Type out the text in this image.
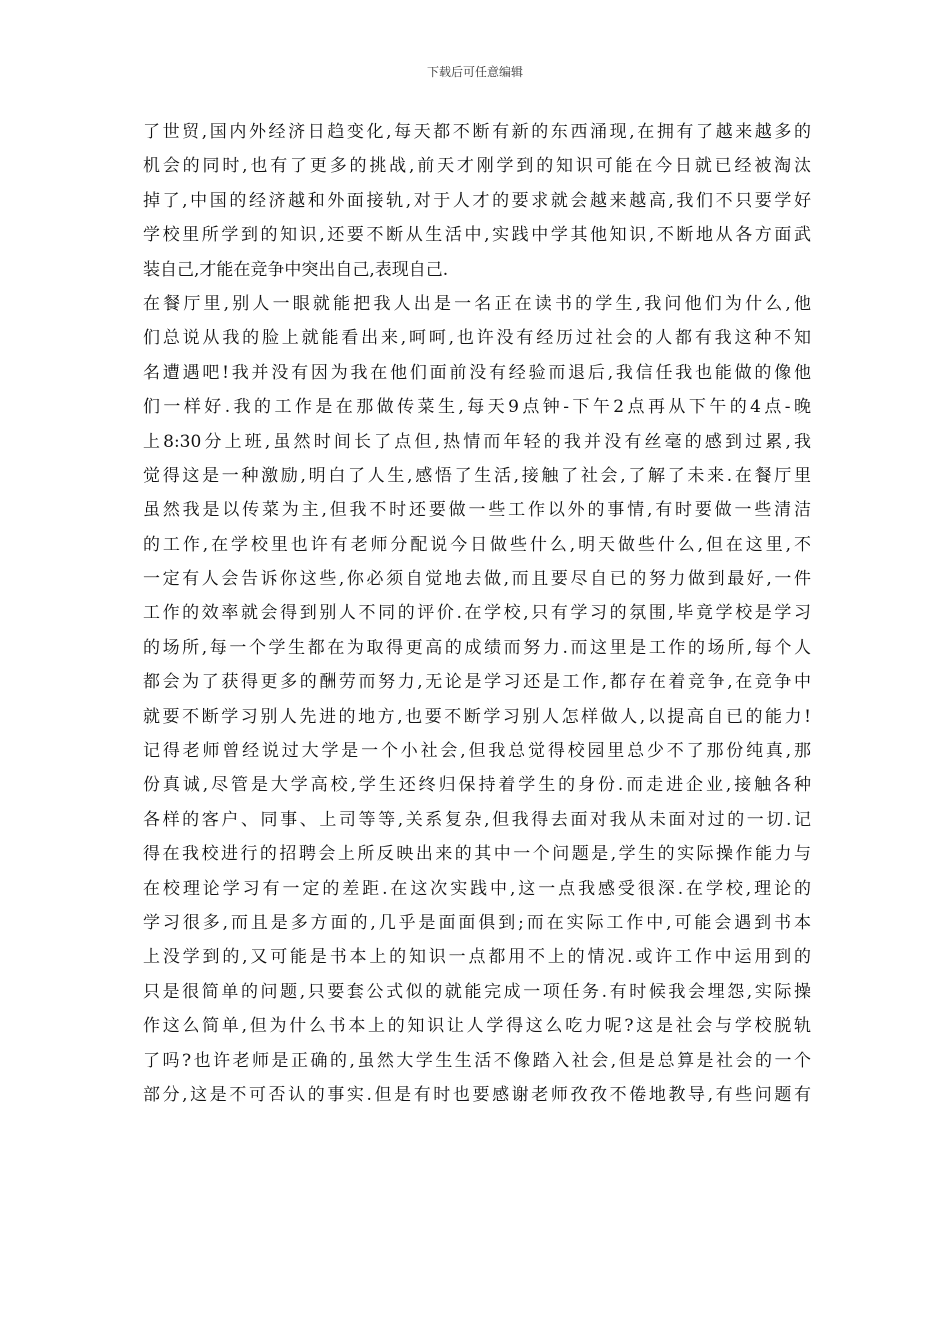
下载后可任意编辑
了世贸,国内外经济日趋变化,每天都不断有新的东西涌现,在拥有了越来越多的
机会的同时,也有了更多的挑战,前天才刚学到的知识可能在今日就已经被淘汰
掉了,中国的经济越和外面接轨,对于人才的要求就会越来越高,我们不只要学好
学校里所学到的知识,还要不断从生活中,实践中学其他知识,不断地从各方面武
装自己,才能在竞争中突出自己,表现自己.
在餐厅里,别人一眼就能把我人出是一名正在读书的学生,我问他们为什么,他
们总说从我的脸上就能看出来,呵呵,也许没有经历过社会的人都有我这种不知
名遭遇吧!我并没有因为我在他们面前没有经验而退后,我信任我也能做的像他
们一样好.我的工作是在那做传菜生,每天9点钟-下午2点再从下午的4点-晚
上8:30分上班,虽然时间长了点但,热情而年轻的我并没有丝毫的感到过累,我
觉得这是一种激励,明白了人生,感悟了生活,接触了社会,了解了未来.在餐厅里
虽然我是以传菜为主,但我不时还要做一些工作以外的事情,有时要做一些清洁
的工作,在学校里也许有老师分配说今日做些什么,明天做些什么,但在这里,不
一定有人会告诉你这些,你必须自觉地去做,而且要尽自已的努力做到最好,一件
工作的效率就会得到别人不同的评价.在学校,只有学习的氛围,毕竟学校是学习
的场所,每一个学生都在为取得更高的成绩而努力.而这里是工作的场所,每个人
都会为了获得更多的酬劳而努力,无论是学习还是工作,都存在着竞争,在竞争中
就要不断学习别人先进的地方,也要不断学习别人怎样做人,以提高自已的能力!
记得老师曾经说过大学是一个小社会,但我总觉得校园里总少不了那份纯真,那
份真诚,尽管是大学高校,学生还终归保持着学生的身份.而走进企业,接触各种
各样的客户、同事、上司等等,关系复杂,但我得去面对我从未面对过的一切.记
得在我校进行的招聘会上所反映出来的其中一个问题是,学生的实际操作能力与
在校理论学习有一定的差距.在这次实践中,这一点我感受很深.在学校,理论的
学习很多,而且是多方面的,几乎是面面俱到;而在实际工作中,可能会遇到书本
上没学到的,又可能是书本上的知识一点都用不上的情况.或许工作中运用到的
只是很简单的问题,只要套公式似的就能完成一项任务.有时候我会埋怨,实际操
作这么简单,但为什么书本上的知识让人学得这么吃力呢?这是社会与学校脱轨
了吗?也许老师是正确的,虽然大学生生活不像踏入社会,但是总算是社会的一个
部分,这是不可否认的事实.但是有时也要感谢老师孜孜不倦地教导,有些问题有
